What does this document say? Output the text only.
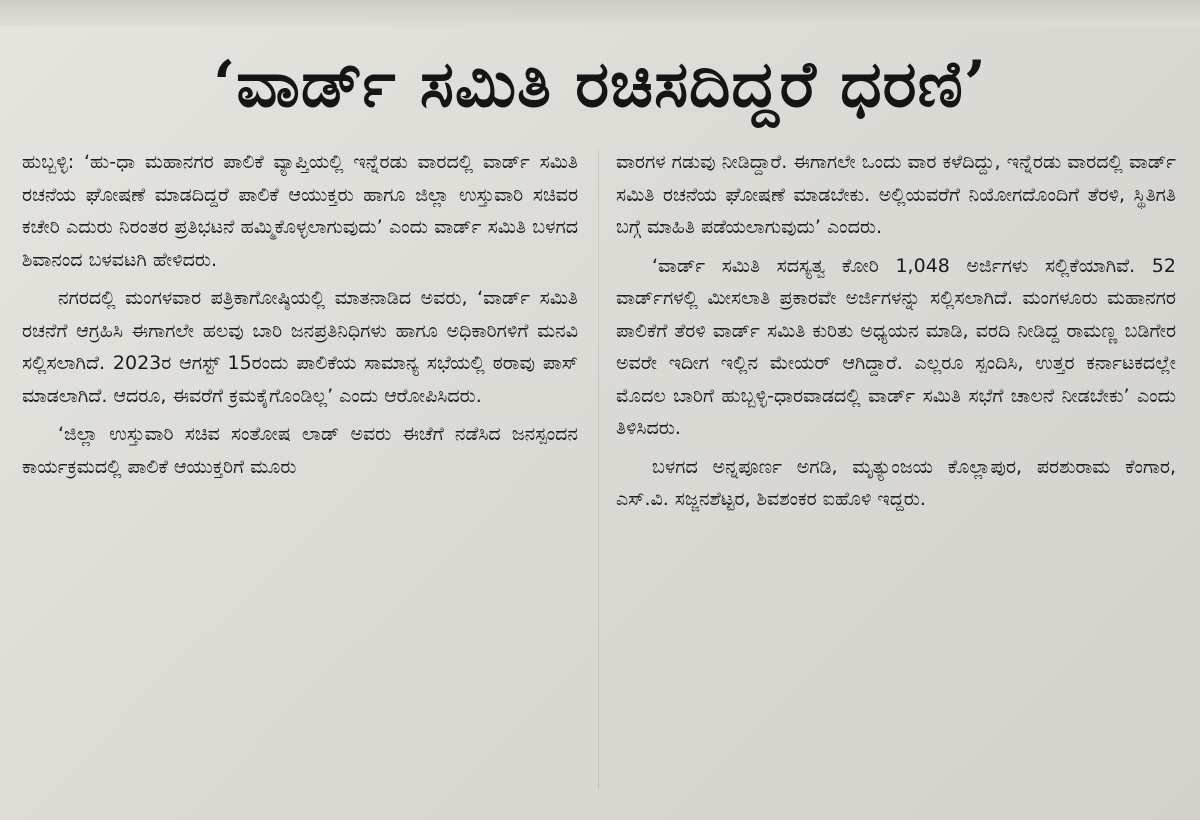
‘ವಾರ್ಡ್ ಸಮಿತಿ ರಚಿಸದಿದ್ದರೆ ಧರಣಿ’

ಹುಬ್ಬಳ್ಳಿ: ‘ಹು-ಧಾ ಮಹಾನಗರ ಪಾಲಿಕೆ ವ್ಯಾಪ್ತಿಯಲ್ಲಿ ಇನ್ನೆರಡು ವಾರದಲ್ಲಿ ವಾರ್ಡ್ ಸಮಿತಿ ರಚನೆಯ ಘೋಷಣೆ ಮಾಡದಿದ್ದರೆ ಪಾಲಿಕೆ ಆಯುಕ್ತರು ಹಾಗೂ ಜಿಲ್ಲಾ ಉಸ್ತುವಾರಿ ಸಚಿವರ ಕಚೇರಿ ಎದುರು ನಿರಂತರ ಪ್ರತಿಭಟನೆ ಹಮ್ಮಿಕೊಳ್ಳಲಾಗುವುದು’ ಎಂದು ವಾರ್ಡ್ ಸಮಿತಿ ಬಳಗದ ಶಿವಾನಂದ ಬಳವಟಗಿ ಹೇಳಿದರು.

ನಗರದಲ್ಲಿ ಮಂಗಳವಾರ ಪತ್ರಿಕಾಗೋಷ್ಠಿಯಲ್ಲಿ ಮಾತನಾಡಿದ ಅವರು, ‘ವಾರ್ಡ್ ಸಮಿತಿ ರಚನೆಗೆ ಆಗ್ರಹಿಸಿ ಈಗಾಗಲೇ ಹಲವು ಬಾರಿ ಜನಪ್ರತಿನಿಧಿಗಳು ಹಾಗೂ ಅಧಿಕಾರಿಗಳಿಗೆ ಮನವಿ ಸಲ್ಲಿಸಲಾಗಿದೆ. 2023ರ ಆಗಸ್ಟ್ 15ರಂದು ಪಾಲಿಕೆಯ ಸಾಮಾನ್ಯ ಸಭೆಯಲ್ಲಿ ಠರಾವು ಪಾಸ್ ಮಾಡಲಾಗಿದೆ. ಆದರೂ, ಈವರೆಗೆ ಕ್ರಮಕೈಗೊಂಡಿಲ್ಲ’ ಎಂದು ಆರೋಪಿಸಿದರು.

‘ಜಿಲ್ಲಾ ಉಸ್ತುವಾರಿ ಸಚಿವ ಸಂತೋಷ ಲಾಡ್ ಅವರು ಈಚೆಗೆ ನಡೆಸಿದ ಜನಸ್ಪಂದನ ಕಾರ್ಯಕ್ರಮದಲ್ಲಿ ಪಾಲಿಕೆ ಆಯುಕ್ತರಿಗೆ ಮೂರು

ವಾರಗಳ ಗಡುವು ನೀಡಿದ್ದಾರೆ. ಈಗಾಗಲೇ ಒಂದು ವಾರ ಕಳೆದಿದ್ದು, ಇನ್ನೆರಡು ವಾರದಲ್ಲಿ ವಾರ್ಡ್ ಸಮಿತಿ ರಚನೆಯ ಘೋಷಣೆ ಮಾಡಬೇಕು. ಅಲ್ಲಿಯವರೆಗೆ ನಿಯೋಗದೊಂದಿಗೆ ತೆರಳಿ, ಸ್ಥಿತಿಗತಿ ಬಗ್ಗೆ ಮಾಹಿತಿ ಪಡೆಯಲಾಗುವುದು’ ಎಂದರು.

‘ವಾರ್ಡ್ ಸಮಿತಿ ಸದಸ್ಯತ್ವ ಕೋರಿ 1,048 ಅರ್ಜಿಗಳು ಸಲ್ಲಿಕೆಯಾಗಿವೆ. 52 ವಾರ್ಡ್‌ಗಳಲ್ಲಿ ಮೀಸಲಾತಿ ಪ್ರಕಾರವೇ ಅರ್ಜಿಗಳನ್ನು ಸಲ್ಲಿಸಲಾಗಿದೆ. ಮಂಗಳೂರು ಮಹಾನಗರ ಪಾಲಿಕೆಗೆ ತೆರಳಿ ವಾರ್ಡ್ ಸಮಿತಿ ಕುರಿತು ಅಧ್ಯಯನ ಮಾಡಿ, ವರದಿ ನೀಡಿದ್ದ ರಾಮಣ್ಣ ಬಡಿಗೇರ ಅವರೇ ಇದೀಗ ಇಲ್ಲಿನ ಮೇಯರ್ ಆಗಿದ್ದಾರೆ. ಎಲ್ಲರೂ ಸ್ಪಂದಿಸಿ, ಉತ್ತರ ಕರ್ನಾಟಕದಲ್ಲೇ ಮೊದಲ ಬಾರಿಗೆ ಹುಬ್ಬಳ್ಳಿ-ಧಾರವಾಡದಲ್ಲಿ ವಾರ್ಡ್ ಸಮಿತಿ ಸಭೆಗೆ ಚಾಲನೆ ನೀಡಬೇಕು’ ಎಂದು ತಿಳಿಸಿದರು.

ಬಳಗದ ಅನ್ನಪೂರ್ಣ ಅಗಡಿ, ಮೃತ್ಯುಂಜಯ ಕೊಲ್ಲಾಪುರ, ಪರಶುರಾಮ ಕೆಂಗಾರ, ಎಸ್.ವಿ. ಸಜ್ಜನಶೆಟ್ಟರ, ಶಿವಶಂಕರ ಐಹೊಳಿ ಇದ್ದರು.
